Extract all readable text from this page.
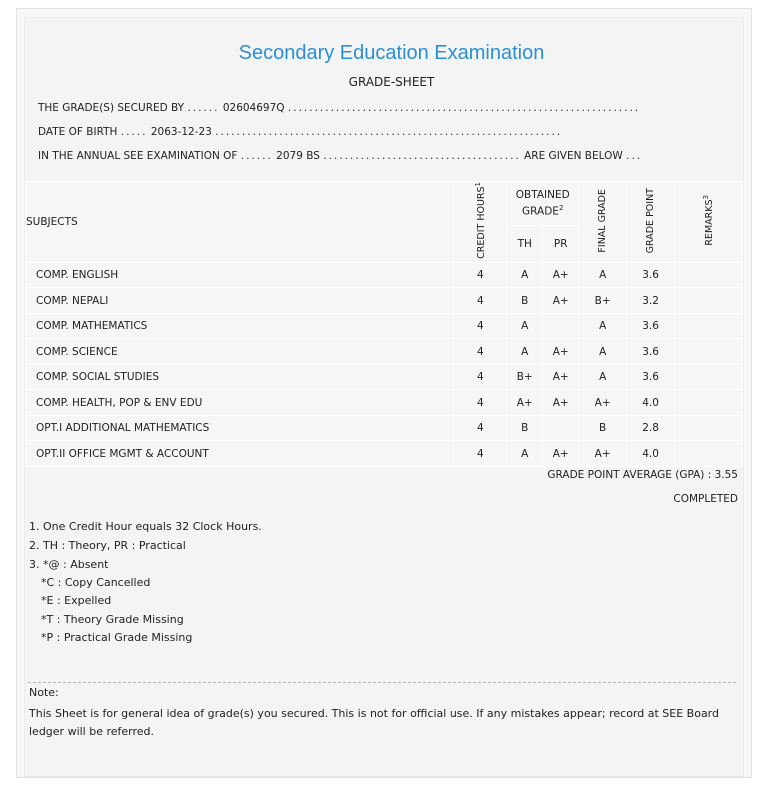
Secondary Education Examination
GRADE-SHEET
THE GRADE(S) SECURED BY ...... 02604697Q ..................................................................
DATE OF BIRTH ..... 2063-12-23 .................................................................
IN THE ANNUAL SEE EXAMINATION OF ...... 2079 BS ..................................... ARE GIVEN BELOW ...
SUBJECTS	CREDIT HOURS$^1$	OBTAINED GRADE$^2$		FINAL GRADE	GRADE POINT	REMARKS$^3$
		TH	PR			
COMP. ENGLISH	4	A	A+	A	3.6	
COMP. NEPALI	4	B	A+	B+	3.2	
COMP. MATHEMATICS	4	A		A	3.6	
COMP. SCIENCE	4	A	A+	A	3.6	
COMP. SOCIAL STUDIES	4	B+	A+	A	3.6	
COMP. HEALTH, POP & ENV EDU	4	A+	A+	A+	4.0	
OPT.I ADDITIONAL MATHEMATICS	4	B		B	2.8	
OPT.II OFFICE MGMT & ACCOUNT	4	A	A+	A+	4.0	
GRADE POINT AVERAGE (GPA) : 3.55
COMPLETED
1. One Credit Hour equals 32 Clock Hours.
2. TH : Theory, PR : Practical
3. *@ : Absent
*C : Copy Cancelled
*E : Expelled
*T : Theory Grade Missing
*P : Practical Grade Missing
Note:
This Sheet is for general idea of grade(s) you secured. This is not for official use. If any mistakes appear; record at SEE Board ledger will be referred.
